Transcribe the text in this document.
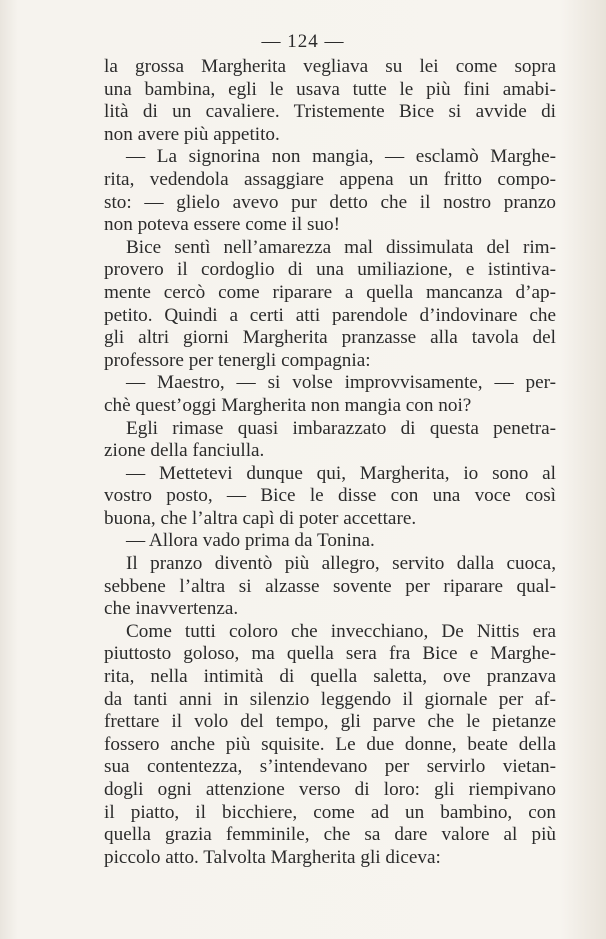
— 124 —
la grossa Margherita vegliava su lei come sopra
una bambina, egli le usava tutte le più fini amabi-
lità di un cavaliere. Tristemente Bice si avvide di
non avere più appetito.
— La signorina non mangia, — esclamò Marghe-
rita, vedendola assaggiare appena un fritto compo-
sto: — glielo avevo pur detto che il nostro pranzo
non poteva essere come il suo!
Bice sentì nell’amarezza mal dissimulata del rim-
provero il cordoglio di una umiliazione, e istintiva-
mente cercò come riparare a quella mancanza d’ap-
petito. Quindi a certi atti parendole d’indovinare che
gli altri giorni Margherita pranzasse alla tavola del
professore per tenergli compagnia:
— Maestro, — si volse improvvisamente, — per-
chè quest’oggi Margherita non mangia con noi?
Egli rimase quasi imbarazzato di questa penetra-
zione della fanciulla.
— Mettetevi dunque qui, Margherita, io sono al
vostro posto, — Bice le disse con una voce così
buona, che l’altra capì di poter accettare.
— Allora vado prima da Tonina.
Il pranzo diventò più allegro, servito dalla cuoca,
sebbene l’altra si alzasse sovente per riparare qual-
che inavvertenza.
Come tutti coloro che invecchiano, De Nittis era
piuttosto goloso, ma quella sera fra Bice e Marghe-
rita, nella intimità di quella saletta, ove pranzava
da tanti anni in silenzio leggendo il giornale per af-
frettare il volo del tempo, gli parve che le pietanze
fossero anche più squisite. Le due donne, beate della
sua contentezza, s’intendevano per servirlo vietan-
dogli ogni attenzione verso di loro: gli riempivano
il piatto, il bicchiere, come ad un bambino, con
quella grazia femminile, che sa dare valore al più
piccolo atto. Talvolta Margherita gli diceva:
